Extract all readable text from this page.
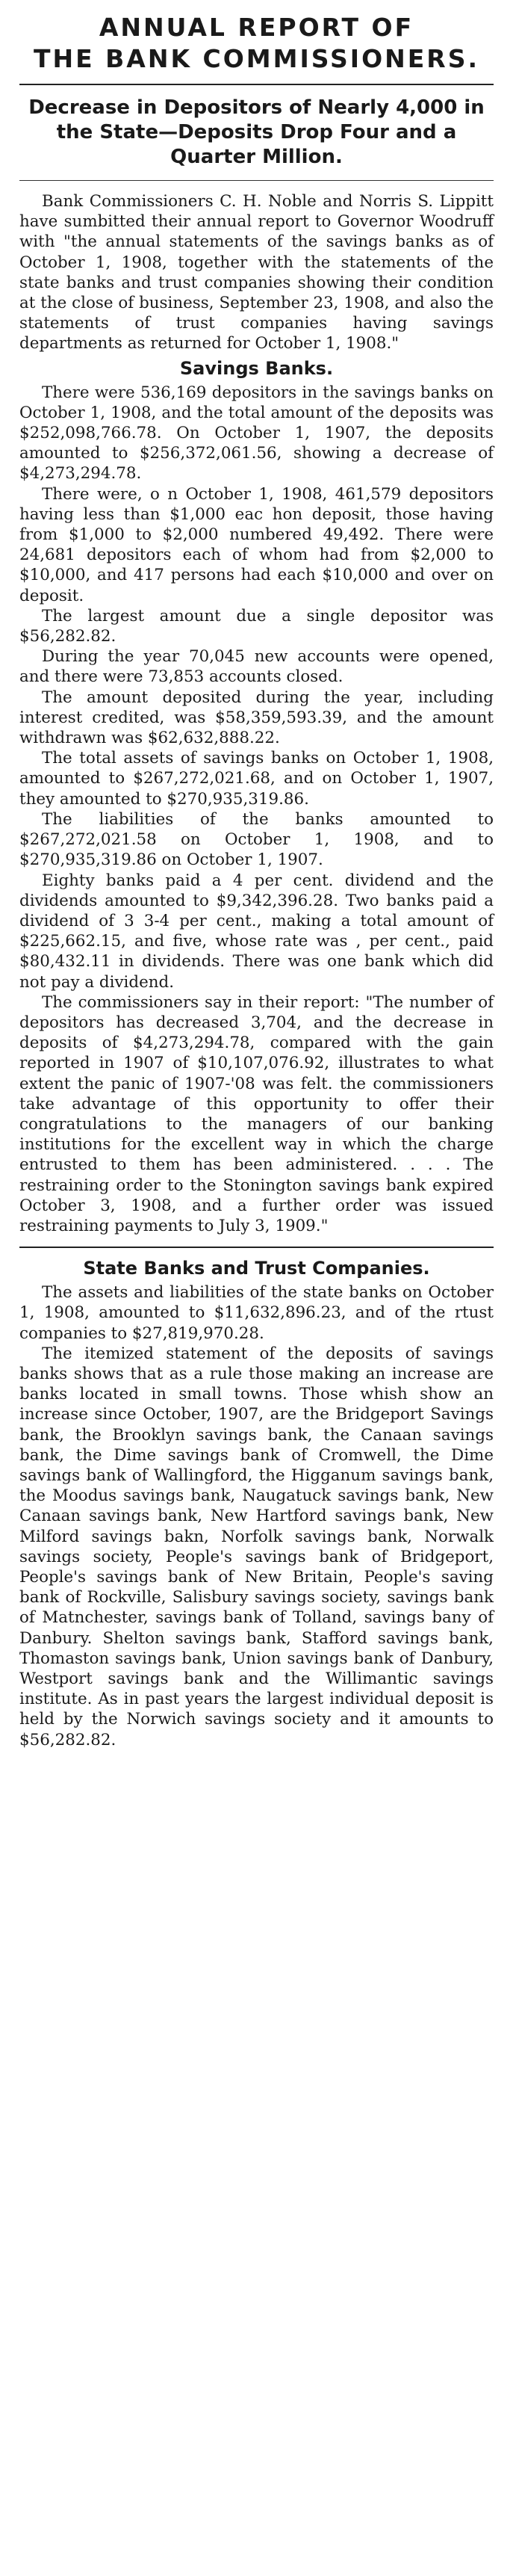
ANNUAL REPORT OF
THE BANK COMMISSIONERS.

Decrease in Depositors of Nearly 4,000 in the State—Deposits Drop Four and a Quarter Million.

Bank Commissioners C. H. Noble and Norris S. Lippitt have sumbitted their annual report to Governor Woodruff with "the annual statements of the savings banks as of October 1, 1908, together with the statements of the state banks and trust companies showing their condition at the close of business, September 23, 1908, and also the statements of trust companies having savings departments as returned for October 1, 1908."

Savings Banks.

There were 536,169 depositors in the savings banks on October 1, 1908, and the total amount of the deposits was $252,098,766.78. On October 1, 1907, the deposits amounted to $256,372,061.56, showing a decrease of $4,273,294.78.

There were, o n October 1, 1908, 461,579 depositors having less than $1,000 eac hon deposit, those having from $1,000 to $2,000 numbered 49,492. There were 24,681 depositors each of whom had from $2,000 to $10,000, and 417 persons had each $10,000 and over on deposit.

The largest amount due a single depositor was $56,282.82.

During the year 70,045 new accounts were opened, and there were 73,853 accounts closed.

The amount deposited during the year, including interest credited, was $58,359,593.39, and the amount withdrawn was $62,632,888.22.

The total assets of savings banks on October 1, 1908, amounted to $267,272,021.68, and on October 1, 1907, they amounted to $270,935,319.86.

The liabilities of the banks amounted to $267,272,021.58 on October 1, 1908, and to $270,935,319.86 on October 1, 1907.

Eighty banks paid a 4 per cent. dividend and the dividends amounted to $9,342,396.28. Two banks paid a dividend of 3 3-4 per cent., making a total amount of $225,662.15, and five, whose rate was , per cent., paid $80,432.11 in dividends. There was one bank which did not pay a dividend.

The commissioners say in their report: "The number of depositors has decreased 3,704, and the decrease in deposits of $4,273,294.78, compared with the gain reported in 1907 of $10,107,076.92, illustrates to what extent the panic of 1907-'08 was felt. the commissioners take advantage of this opportunity to offer their congratulations to the managers of our banking institutions for the excellent way in which the charge entrusted to them has been administered. . . . The restraining order to the Stonington savings bank expired October 3, 1908, and a further order was issued restraining payments to July 3, 1909."

State Banks and Trust Companies.

The assets and liabilities of the state banks on October 1, 1908, amounted to $11,632,896.23, and of the rtust companies to $27,819,970.28.

The itemized statement of the deposits of savings banks shows that as a rule those making an increase are banks located in small towns. Those whish show an increase since October, 1907, are the Bridgeport Savings bank, the Brooklyn savings bank, the Canaan savings bank, the Dime savings bank of Cromwell, the Dime savings bank of Wallingford, the Higganum savings bank, the Moodus savings bank, Naugatuck savings bank, New Canaan savings bank, New Hartford savings bank, New Milford savings bakn, Norfolk savings bank, Norwalk savings society, People's savings bank of Bridgeport, People's savings bank of New Britain, People's saving bank of Rockville, Salisbury savings society, savings bank of Matnchester, savings bank of Tolland, savings bany of Danbury. Shelton savings bank, Stafford savings bank, Thomaston savings bank, Union savings bank of Danbury, Westport savings bank and the Willimantic savings institute. As in past years the largest individual deposit is held by the Norwich savings society and it amounts to $56,282.82.
